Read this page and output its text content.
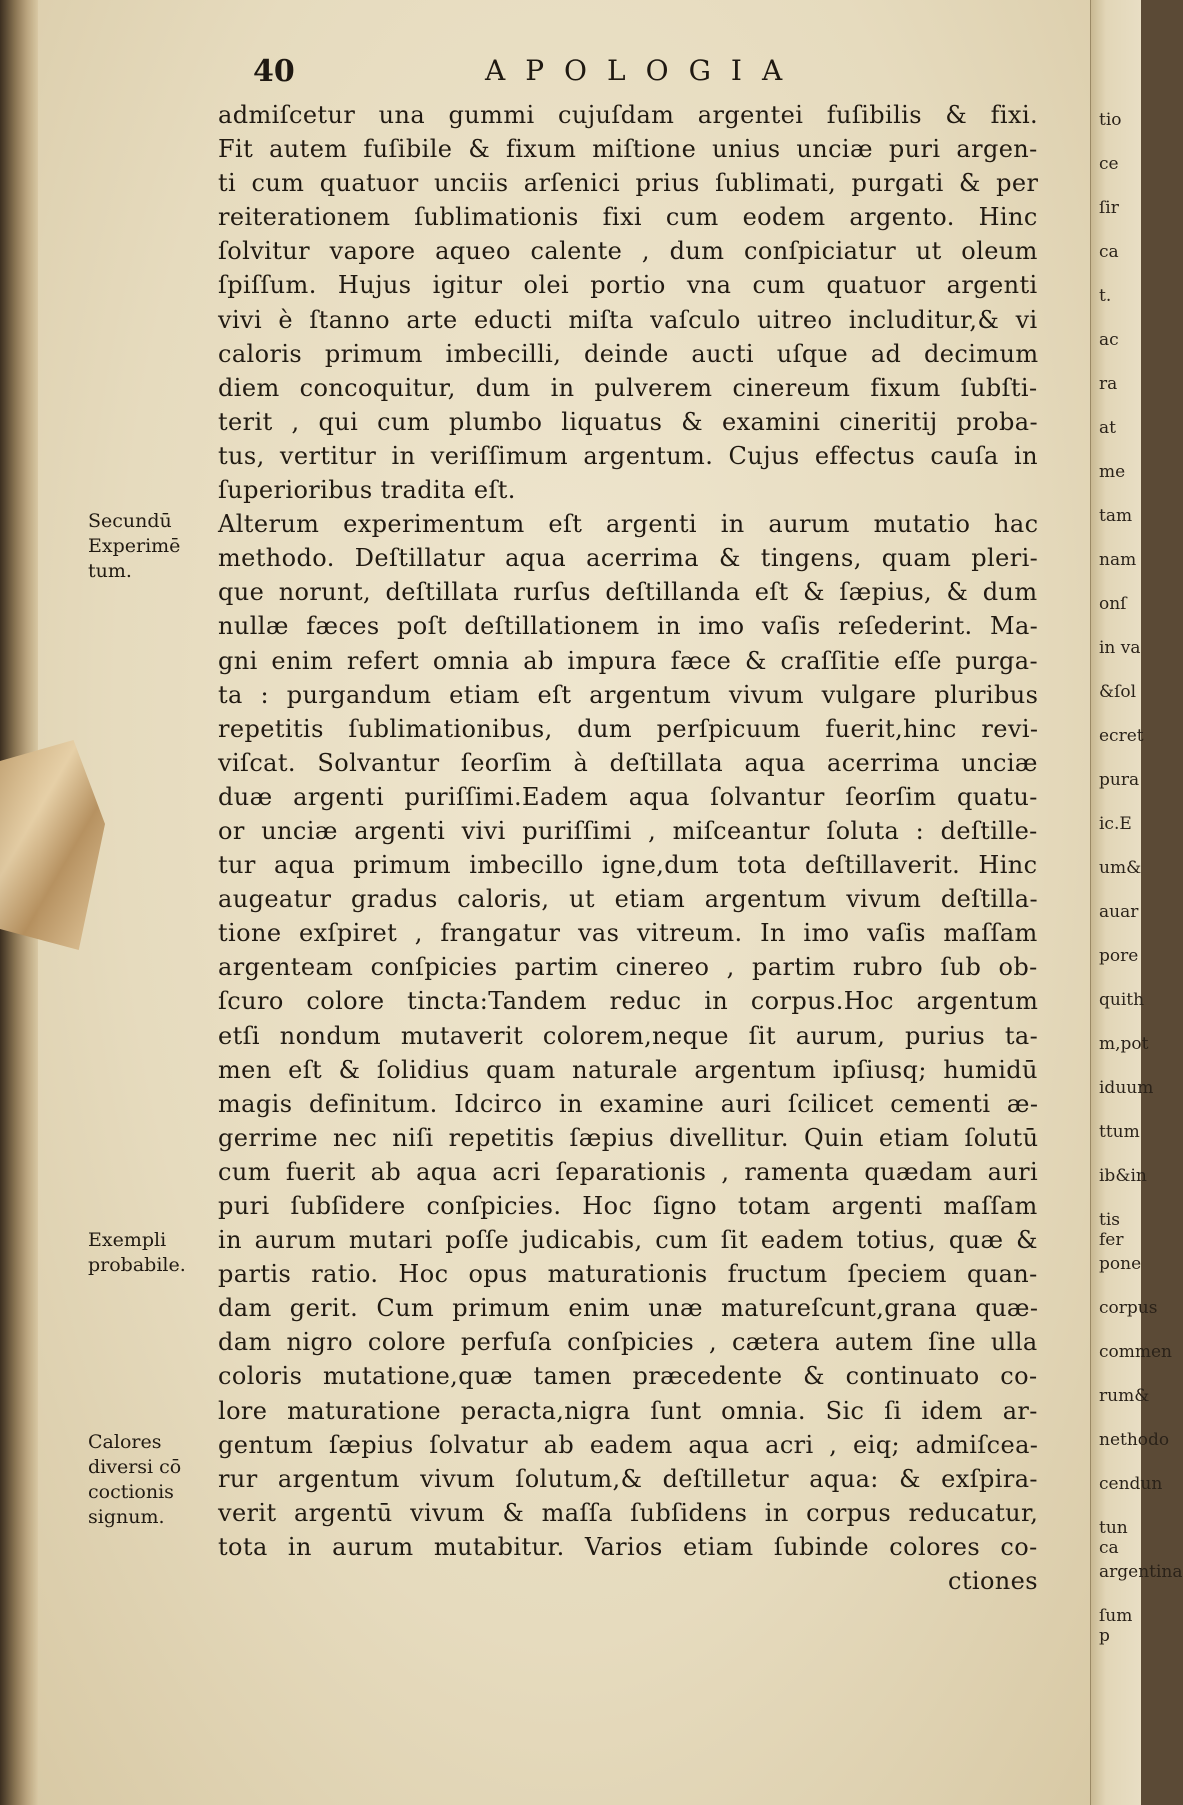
tio
ce
ſir
ca
t.
ac
ra
at
me
tam
nam
onſ
in va
&ſol
ecret
pura
ic.E
um&
auar
pore
quith
m,pot
iduum
ttum
ib&in
tis fer
pone
corpus
commen
rum&
nethodo
cendun
tun ca
argentina
ſum p
40	APOLOGIA
Secundū
Experimē
tum.
Exempli
probabile.
Calores
diversi cō
coctionis
signum.
admiſcetur una gummi cujuſdam argentei fuſibilis & fixi.
Fit autem fuſibile & fixum miſtione unius unciæ puri argen-
ti cum quatuor unciis arſenici prius ſublimati, purgati & per
reiterationem ſublimationis fixi cum eodem argento. Hinc
ſolvitur vapore aqueo calente , dum conſpiciatur ut oleum
ſpiſſum. Hujus igitur olei portio vna cum quatuor argenti
vivi è ſtanno arte educti miſta vaſculo uitreo includitur,& vi
caloris primum imbecilli, deinde aucti uſque ad decimum
diem concoquitur, dum in pulverem cinereum fixum ſubſti-
terit , qui cum plumbo liquatus & examini cineritij proba-
tus, vertitur in veriſſimum argentum. Cujus effectus cauſa in
ſuperioribus tradita eſt.
Alterum experimentum eſt argenti in aurum mutatio hac
methodo. Deſtillatur aqua acerrima & tingens, quam pleri-
que norunt, deſtillata rurſus deſtillanda eſt & ſæpius, & dum
nullæ fæces poſt deſtillationem in imo vaſis reſederint. Ma-
gni enim refert omnia ab impura fæce & craſſitie eſſe purga-
ta : purgandum etiam eſt argentum vivum vulgare pluribus
repetitis ſublimationibus, dum perſpicuum fuerit,hinc revi-
viſcat. Solvantur ſeorſim à deſtillata aqua acerrima unciæ
duæ argenti puriſſimi.Eadem aqua ſolvantur ſeorſim quatu-
or unciæ argenti vivi puriſſimi , miſceantur ſoluta : deſtille-
tur aqua primum imbecillo igne,dum tota deſtillaverit. Hinc
augeatur gradus caloris, ut etiam argentum vivum deſtilla-
tione exſpiret , frangatur vas vitreum. In imo vaſis maſſam
argenteam conſpicies partim cinereo , partim rubro ſub ob-
ſcuro colore tincta:Tandem reduc in corpus.Hoc argentum
etſi nondum mutaverit colorem,neque ſit aurum, purius ta-
men eſt & ſolidius quam naturale argentum ipſiusq; humidū
magis definitum. Idcirco in examine auri ſcilicet cementi æ-
gerrime nec niſi repetitis ſæpius divellitur. Quin etiam ſolutū
cum fuerit ab aqua acri ſeparationis , ramenta quædam auri
puri ſubſidere conſpicies. Hoc ſigno totam argenti maſſam
in aurum mutari poſſe judicabis, cum ſit eadem totius, quæ &
partis ratio. Hoc opus maturationis fructum ſpeciem quan-
dam gerit. Cum primum enim unæ matureſcunt,grana quæ-
dam nigro colore perfuſa conſpicies , cætera autem ſine ulla
coloris mutatione,quæ tamen præcedente & continuato co-
lore maturatione peracta,nigra ſunt omnia. Sic ſi idem ar-
gentum ſæpius ſolvatur ab eadem aqua acri , eiq; admiſcea-
rur argentum vivum ſolutum,& deſtilletur aqua: & exſpira-
verit argentū vivum & maſſa ſubſidens in corpus reducatur,
tota in aurum mutabitur. Varios etiam ſubinde colores co-
ctiones
